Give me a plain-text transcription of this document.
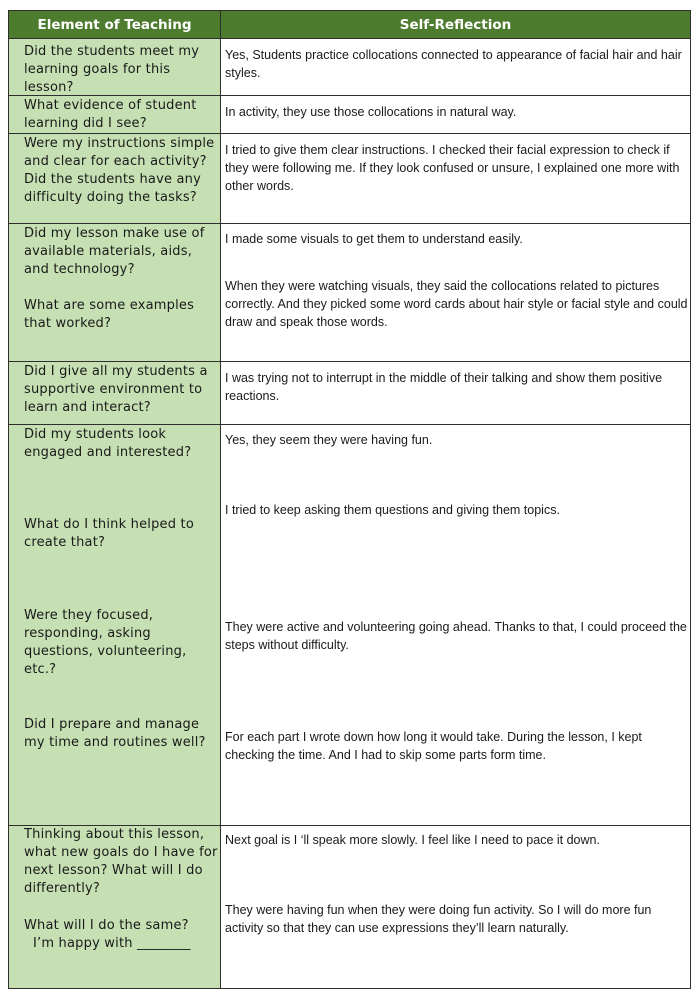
Element of Teaching	Self-Reflection
Did the students meet my learning goals for this lesson?
Yes, Students practice collocations connected to appearance of facial hair and hair styles.
What evidence of student learning did I see?
In activity, they use those collocations in natural way.
Were my instructions simple and clear for each activity? Did the students have any difficulty doing the tasks?
I tried to give them clear instructions. I checked their facial expression to check if they were following me. If they look confused or unsure, I explained one more with other words.
Did my lesson make use of available materials, aids, and technology?
What are some examples that worked?
I made some visuals to get them to understand easily.
When they were watching visuals, they said the collocations related to pictures correctly. And they picked some word cards about hair style or facial style and could draw and speak those words.
Did I give all my students a supportive environment to learn and interact?
I was trying not to interrupt in the middle of their talking and show them positive reactions.
Did my students look engaged and interested?
What do I think helped to create that?
Were they focused, responding, asking questions, volunteering, etc.?
Did I prepare and manage my time and routines well?
Yes, they seem they were having fun.
I tried to keep asking them questions and giving them topics.
They were active and volunteering going ahead. Thanks to that, I could proceed the steps without difficulty.
For each part I wrote down how long it would take. During the lesson, I kept checking the time. And I had to skip some parts form time.
Thinking about this lesson, what new goals do I have for next lesson? What will I do differently?
What will I do the same?
I’m happy with ________
Next goal is I ‘ll speak more slowly. I feel like I need to pace it down.
They were having fun when they were doing fun activity. So I will do more fun activity so that they can use expressions they’ll learn naturally.
